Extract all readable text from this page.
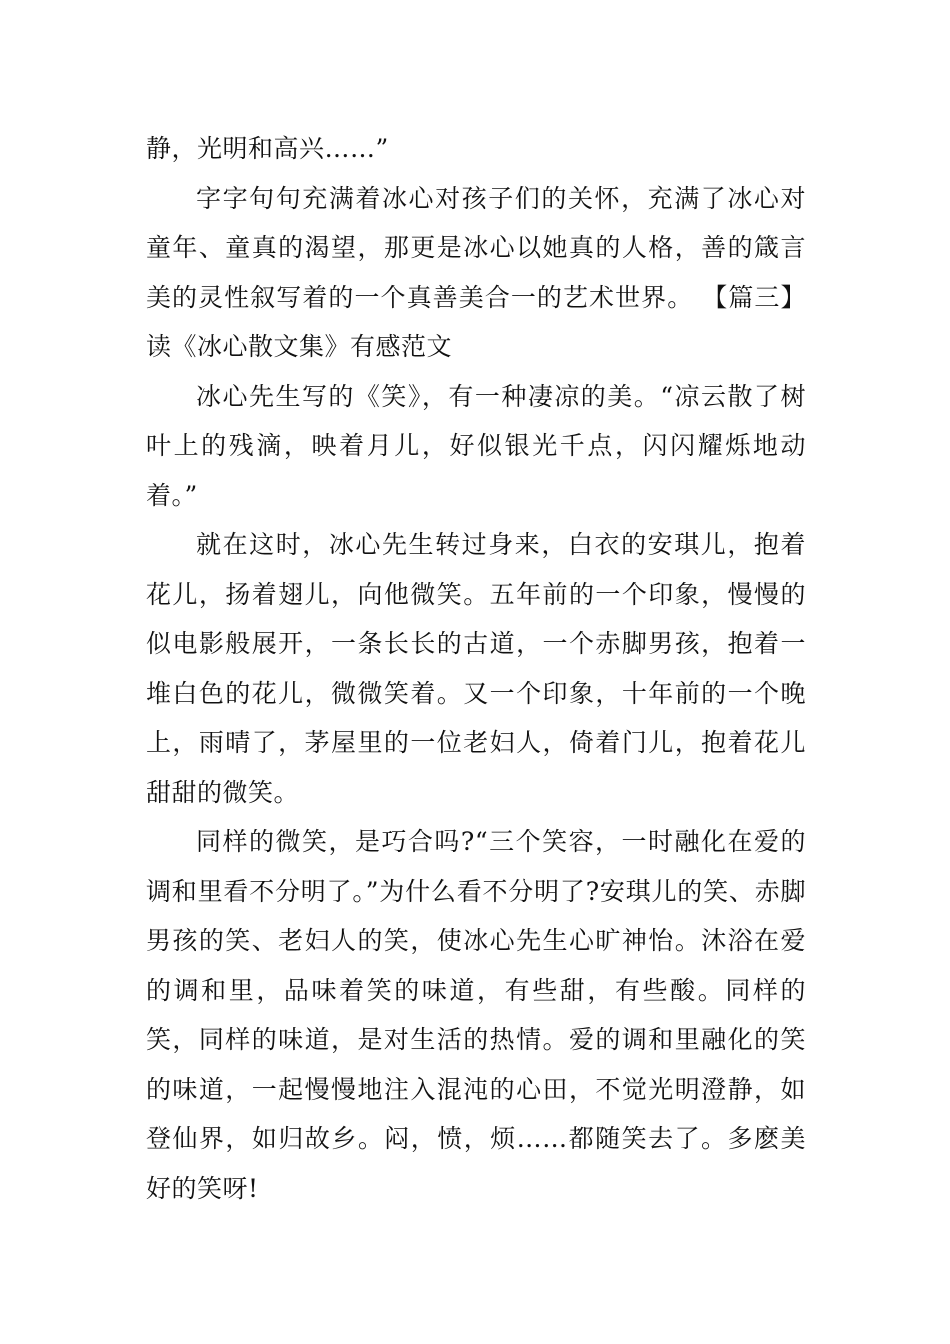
静，光明和高兴……”

字字句句充满着冰心对孩子们的关怀，充满了冰心对童年、童真的渴望，那更是冰心以她真的人格，善的箴言美的灵性叙写着的一个真善美合一的艺术世界。 【篇三】读《冰心散文集》有感范文

冰心先生写的《笑》，有一种凄凉的美。“凉云散了树叶上的残滴，映着月儿，好似银光千点，闪闪耀烁地动着。”

就在这时，冰心先生转过身来，白衣的安琪儿，抱着花儿，扬着翅儿，向他微笑。五年前的一个印象，慢慢的似电影般展开，一条长长的古道，一个赤脚男孩，抱着一堆白色的花儿，微微笑着。又一个印象，十年前的一个晚上，雨晴了，茅屋里的一位老妇人，倚着门儿，抱着花儿甜甜的微笑。

同样的微笑，是巧合吗?“三个笑容，一时融化在爱的调和里看不分明了。”为什么看不分明了?安琪儿的笑、赤脚男孩的笑、老妇人的笑，使冰心先生心旷神怡。沐浴在爱的调和里，品味着笑的味道，有些甜，有些酸。同样的笑，同样的味道，是对生活的热情。爱的调和里融化的笑的味道，一起慢慢地注入混沌的心田，不觉光明澄静，如登仙界，如归故乡。闷，愤，烦……都随笑去了。多麽美好的笑呀!
